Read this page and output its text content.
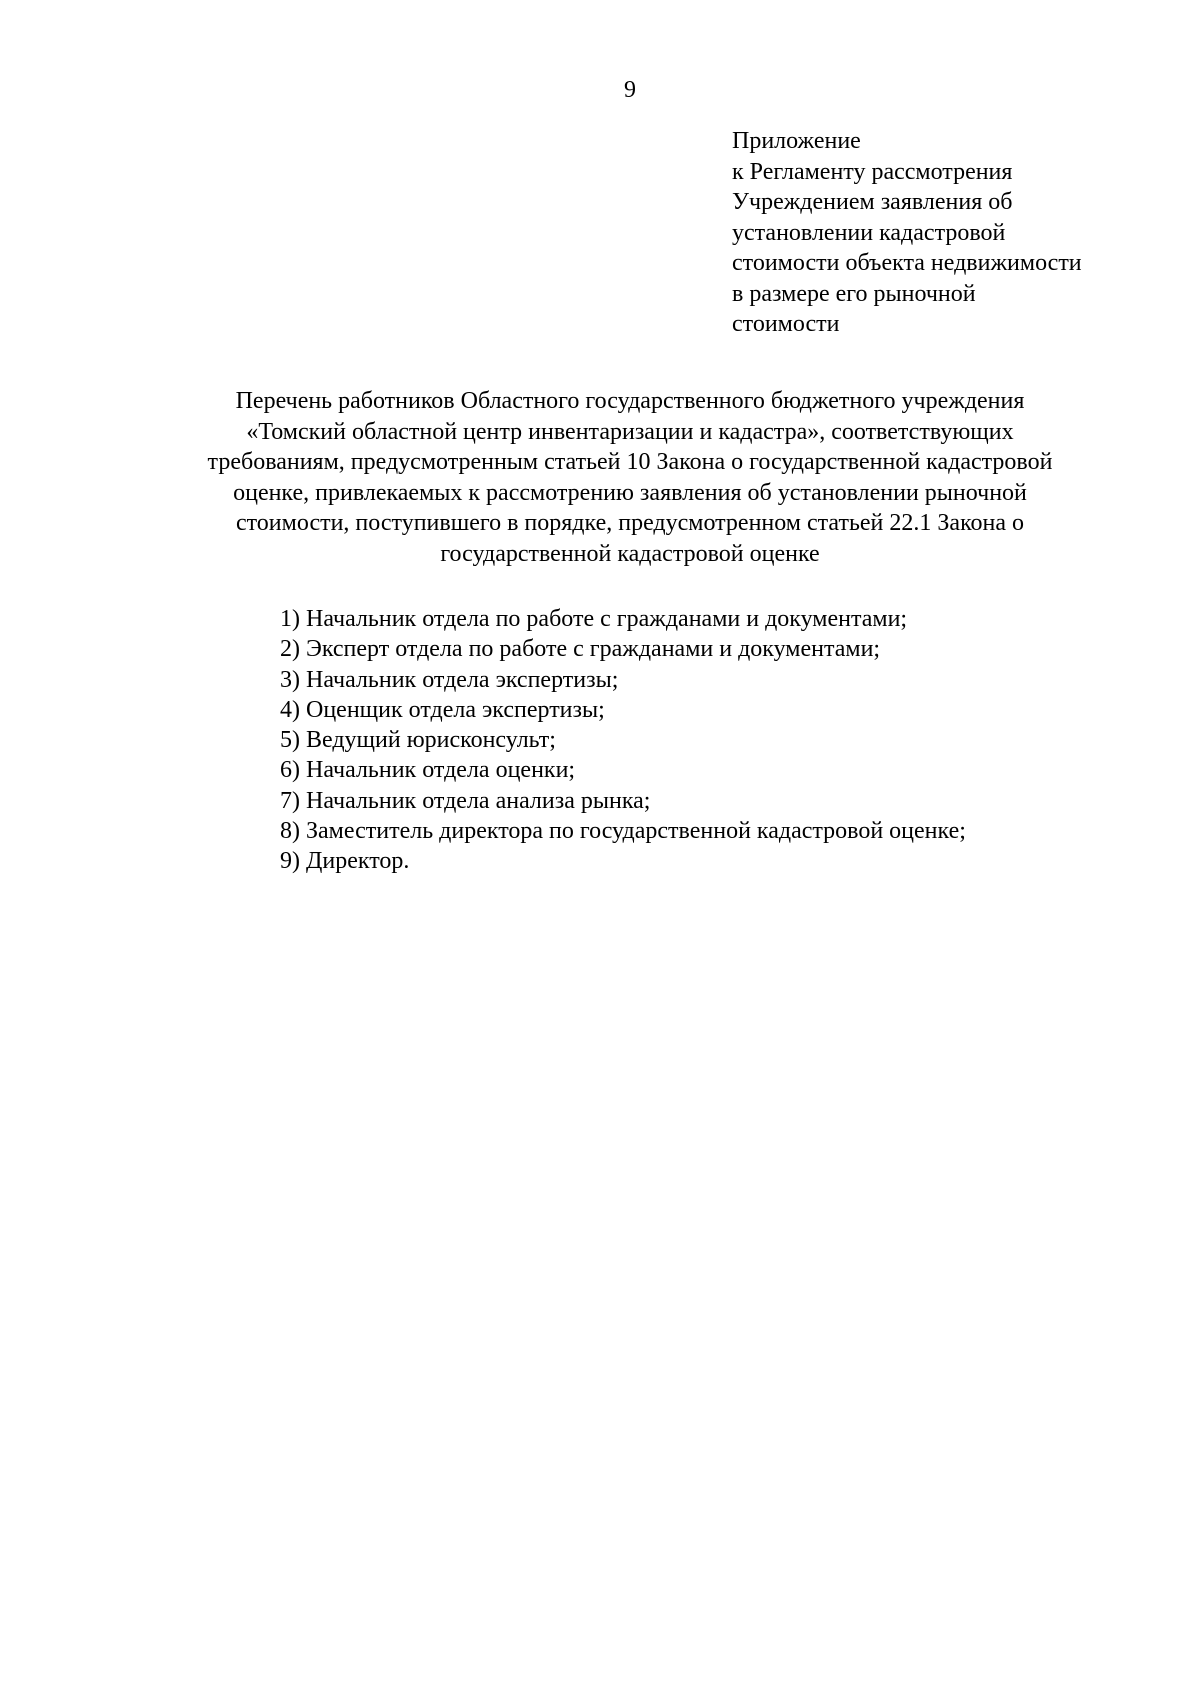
9
Приложение
к Регламенту рассмотрения
Учреждением заявления об
установлении кадастровой
стоимости объекта недвижимости
в размере его рыночной
стоимости
Перечень работников Областного государственного бюджетного учреждения
«Томский областной центр инвентаризации и кадастра», соответствующих
требованиям, предусмотренным статьей 10 Закона о государственной кадастровой
оценке, привлекаемых к рассмотрению заявления об установлении рыночной
стоимости, поступившего в порядке, предусмотренном статьей 22.1 Закона о
государственной кадастровой оценке
1) Начальник отдела по работе с гражданами и документами;
2) Эксперт отдела по работе с гражданами и документами;
3) Начальник отдела экспертизы;
4) Оценщик отдела экспертизы;
5) Ведущий юрисконсульт;
6) Начальник отдела оценки;
7) Начальник отдела анализа рынка;
8) Заместитель директора по государственной кадастровой оценке;
9) Директор.
